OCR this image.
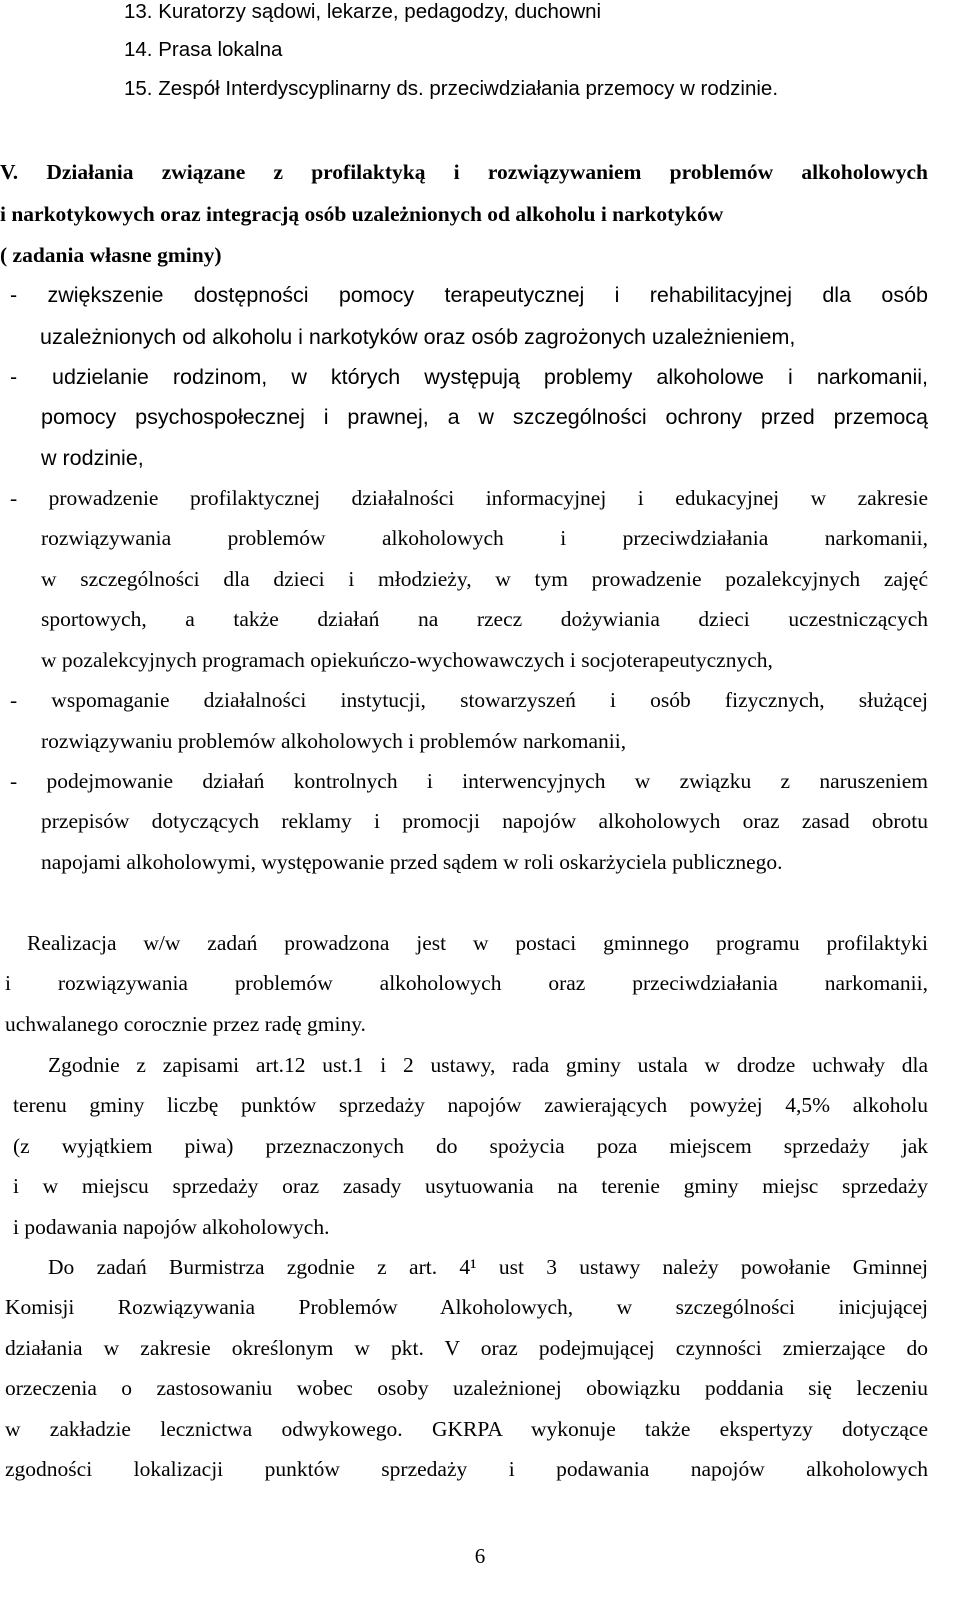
13. Kuratorzy sądowi, lekarze, pedagodzy, duchowni
14. Prasa lokalna
15. Zespół Interdyscyplinarny ds. przeciwdziałania przemocy w rodzinie.
V. Działania związane z profilaktyką i rozwiązywaniem problemów alkoholowych
i narkotykowych oraz integracją osób uzależnionych od alkoholu i narkotyków
( zadania własne gminy)
- zwiększenie dostępności pomocy terapeutycznej i rehabilitacyjnej dla osób
uzależnionych od alkoholu i narkotyków oraz osób zagrożonych uzależnieniem,
- udzielanie rodzinom, w których występują problemy alkoholowe i narkomanii,
pomocy psychospołecznej i prawnej, a w szczególności ochrony przed przemocą
w rodzinie,
- prowadzenie profilaktycznej działalności informacyjnej i edukacyjnej w zakresie
rozwiązywania problemów alkoholowych i przeciwdziałania narkomanii,
w szczególności dla dzieci i młodzieży, w tym prowadzenie pozalekcyjnych zajęć
sportowych, a także działań na rzecz dożywiania dzieci uczestniczących
w pozalekcyjnych programach opiekuńczo-wychowawczych i socjoterapeutycznych,
- wspomaganie działalności instytucji, stowarzyszeń i osób fizycznych, służącej
rozwiązywaniu problemów alkoholowych i problemów narkomanii,
- podejmowanie działań kontrolnych i interwencyjnych w związku z naruszeniem
przepisów dotyczących reklamy i promocji napojów alkoholowych oraz zasad obrotu
napojami alkoholowymi, występowanie przed sądem w roli oskarżyciela publicznego.
Realizacja w/w zadań prowadzona jest w postaci gminnego programu profilaktyki
i rozwiązywania problemów alkoholowych oraz przeciwdziałania narkomanii,
uchwalanego corocznie przez radę gminy.
Zgodnie z zapisami art.12 ust.1 i 2 ustawy, rada gminy ustala w drodze uchwały dla
terenu gminy liczbę punktów sprzedaży napojów zawierających powyżej 4,5% alkoholu
(z wyjątkiem piwa) przeznaczonych do spożycia poza miejscem sprzedaży jak
i w miejscu sprzedaży oraz zasady usytuowania na terenie gminy miejsc sprzedaży
i podawania napojów alkoholowych.
Do zadań Burmistrza zgodnie z art. 4¹ ust 3 ustawy należy powołanie Gminnej
Komisji Rozwiązywania Problemów Alkoholowych, w szczególności inicjującej
działania w zakresie określonym w pkt. V oraz podejmującej czynności zmierzające do
orzeczenia o zastosowaniu wobec osoby uzależnionej obowiązku poddania się leczeniu
w zakładzie lecznictwa odwykowego. GKRPA wykonuje także ekspertyzy dotyczące
zgodności lokalizacji punktów sprzedaży i podawania napojów alkoholowych
6
